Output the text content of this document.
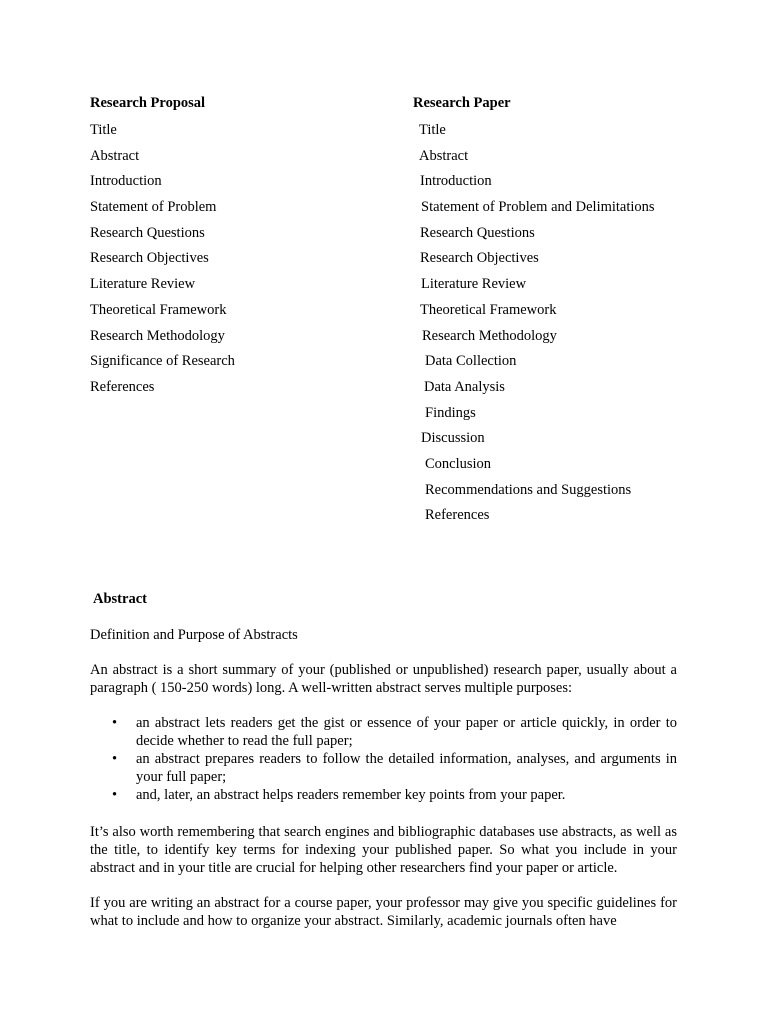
Research Proposal
Title
Abstract
Introduction
Statement of Problem
Research Questions
Research Objectives
Literature Review
Theoretical Framework
Research Methodology
Significance of Research
References
Research Paper
Title
Abstract
Introduction
Statement of Problem and Delimitations
Research Questions
Research Objectives
Literature Review
Theoretical Framework
Research Methodology
Data Collection
Data Analysis
Findings
Discussion
Conclusion
Recommendations and Suggestions
References
Abstract
Definition and Purpose of Abstracts
An abstract is a short summary of your (published or unpublished) research paper, usually about a paragraph ( 150-250 words) long. A well-written abstract serves multiple purposes:
• an abstract lets readers get the gist or essence of your paper or article quickly, in order to decide whether to read the full paper;
• an abstract prepares readers to follow the detailed information, analyses, and arguments in your full paper;
• and, later, an abstract helps readers remember key points from your paper.
It’s also worth remembering that search engines and bibliographic databases use abstracts, as well as the title, to identify key terms for indexing your published paper. So what you include in your abstract and in your title are crucial for helping other researchers find your paper or article.
If you are writing an abstract for a course paper, your professor may give you specific guidelines for what to include and how to organize your abstract. Similarly, academic journals often have
